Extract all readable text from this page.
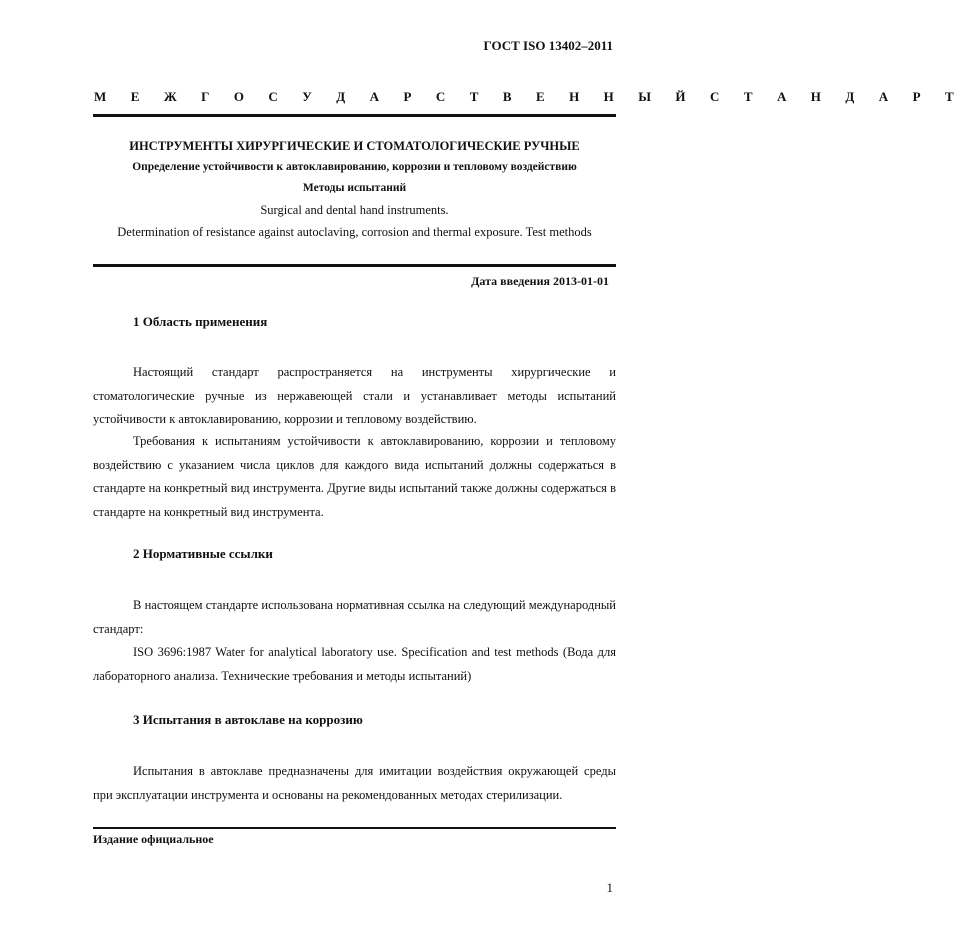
ГОСТ ISO 13402–2011
М Е Ж Г О С У Д А Р С Т В Е Н Н Ы Й С Т А Н Д А Р Т
ИНСТРУМЕНТЫ ХИРУРГИЧЕСКИЕ И СТОМАТОЛОГИЧЕСКИЕ РУЧНЫЕ
Определение устойчивости к автоклавированию, коррозии и тепловому воздействию
Методы испытаний
Surgical and dental hand instruments.
Determination of resistance against autoclaving, corrosion and thermal exposure. Test methods
Дата введения 2013-01-01
1 Область применения
Настоящий стандарт распространяется на инструменты хирургические и стоматологические ручные из нержавеющей стали и устанавливает методы испытаний устойчивости к автоклавированию, коррозии и тепловому воздействию.
Требования к испытаниям устойчивости к автоклавированию, коррозии и тепловому воздействию с указанием числа циклов для каждого вида испытаний должны содержаться в стандарте на конкретный вид инструмента. Другие виды испытаний также должны содержаться в стандарте на конкретный вид инструмента.
2 Нормативные ссылки
В настоящем стандарте использована нормативная ссылка на следующий международный стандарт:
ISO 3696:1987 Water for analytical laboratory use. Specification and test methods (Вода для лабораторного анализа. Технические требования и методы испытаний)
3 Испытания в автоклаве на коррозию
Испытания в автоклаве предназначены для имитации воздействия окружающей среды при эксплуатации инструмента и основаны на рекомендованных методах стерилизации.
Издание официальное
1
